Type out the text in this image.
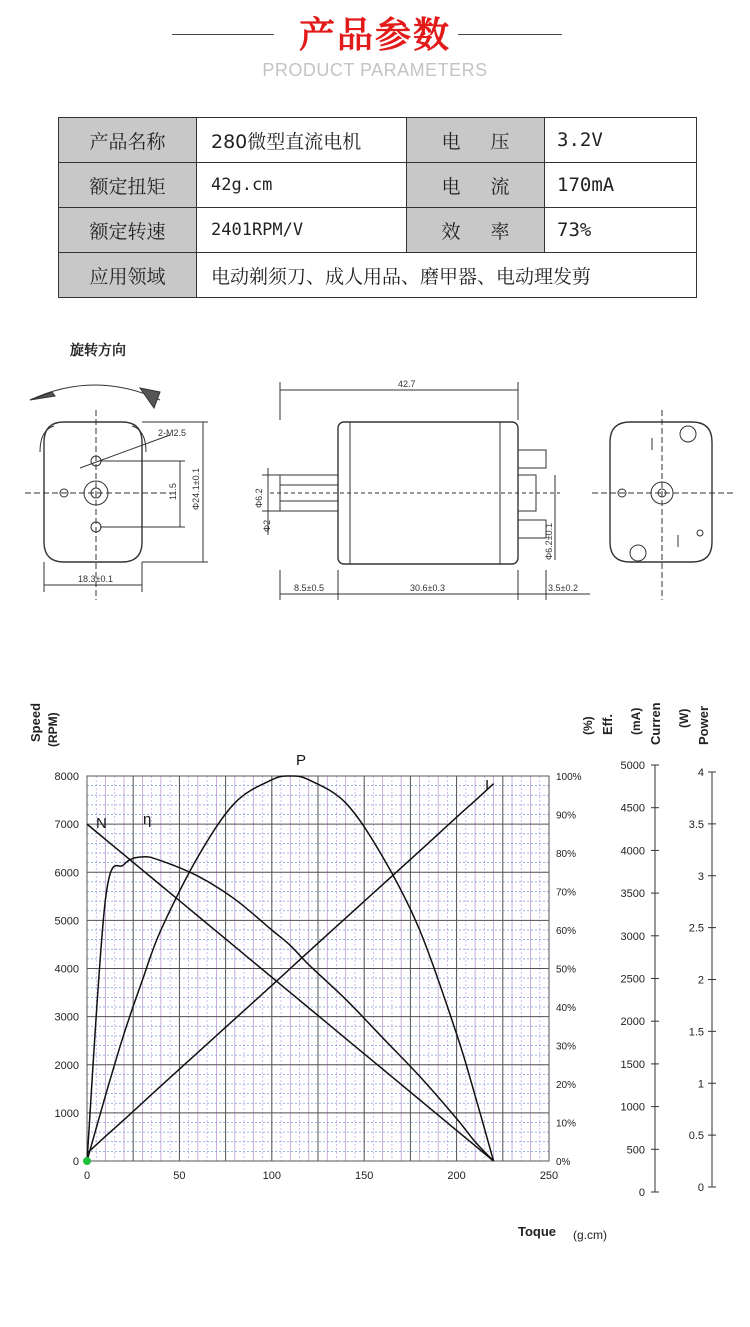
产品参数
PRODUCT PARAMETERS
产品名称	280微型直流电机	电压	3.2V
额定扭矩	42g.cm	电流	170mA
额定转速	2401RPM/V	效率	73%
应用领域	电动剃须刀、成人用品、磨甲器、电动理发剪		
旋转方向
2-M2.5
11.5 Φ24.1±0.1
18.3±0.1
42.7
Φ6.2
Φ2	Φ6.2±0.1
8.5±0.5	30.6±0.3	3.5±0.2
0	50	100	150	200	250
0
1000
2000
3000
4000
5000
6000
7000
8000
0%
10%
20%
30%
40%
50%
60%
70%
80%
90%
100%
0
500
1000
1500
2000
2500
3000
3500
4000
4500
5000
0
0.5
1
1.5
2
2.5
3
3.5
4
Speed (RPM)	(%) Eff. (mA) Curren (W) Power
Toque (g.cm)
N η
P
I
